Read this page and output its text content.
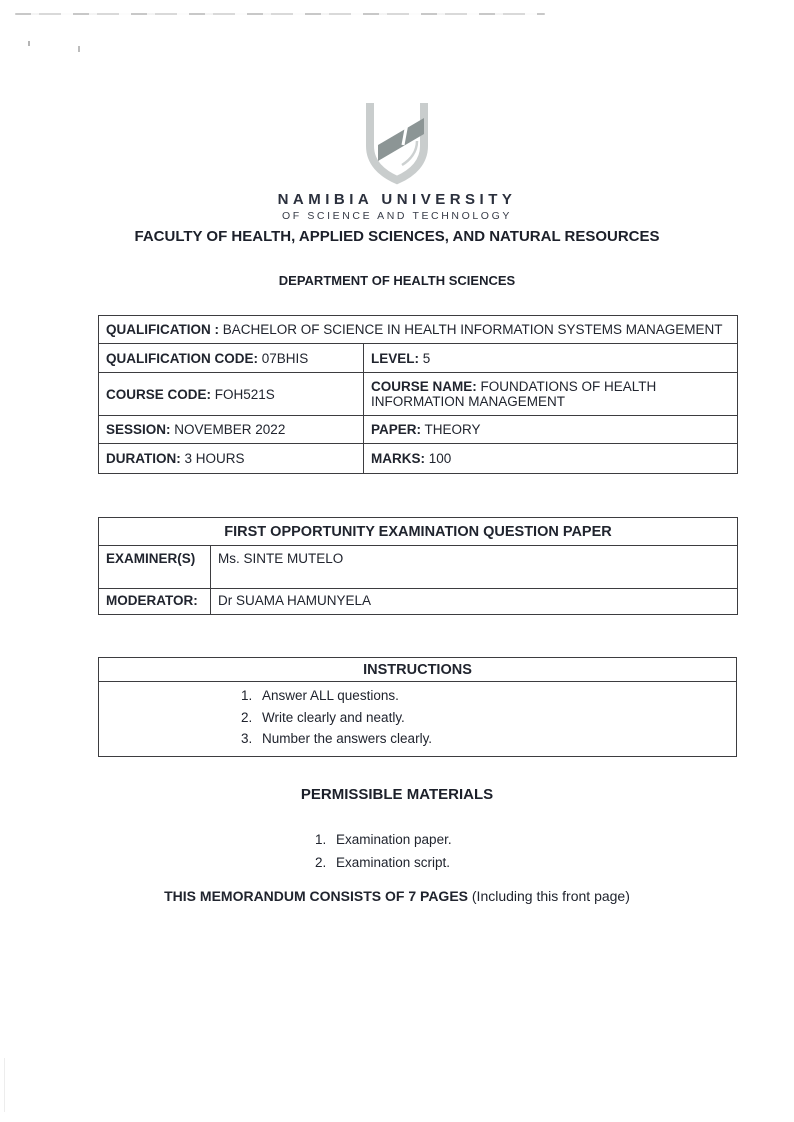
NAMIBIA UNIVERSITY
OF SCIENCE AND TECHNOLOGY
FACULTY OF HEALTH, APPLIED SCIENCES, AND NATURAL RESOURCES
DEPARTMENT OF HEALTH SCIENCES
QUALIFICATION : BACHELOR OF SCIENCE IN HEALTH INFORMATION SYSTEMS MANAGEMENT	
QUALIFICATION CODE: 07BHIS	LEVEL: 5
COURSE CODE: FOH521S	COURSE NAME: FOUNDATIONS OF HEALTH INFORMATION MANAGEMENT
SESSION: NOVEMBER 2022	PAPER: THEORY
DURATION: 3 HOURS	MARKS: 100
FIRST OPPORTUNITY EXAMINATION QUESTION PAPER	
EXAMINER(S)	Ms. SINTE MUTELO
MODERATOR:	Dr SUAMA HAMUNYELA
INSTRUCTIONS

1. Answer ALL questions.
2. Write clearly and neatly.
3. Number the answers clearly.
PERMISSIBLE MATERIALS
1. Examination paper.
2. Examination script.
THIS MEMORANDUM CONSISTS OF 7 PAGES (Including this front page)
